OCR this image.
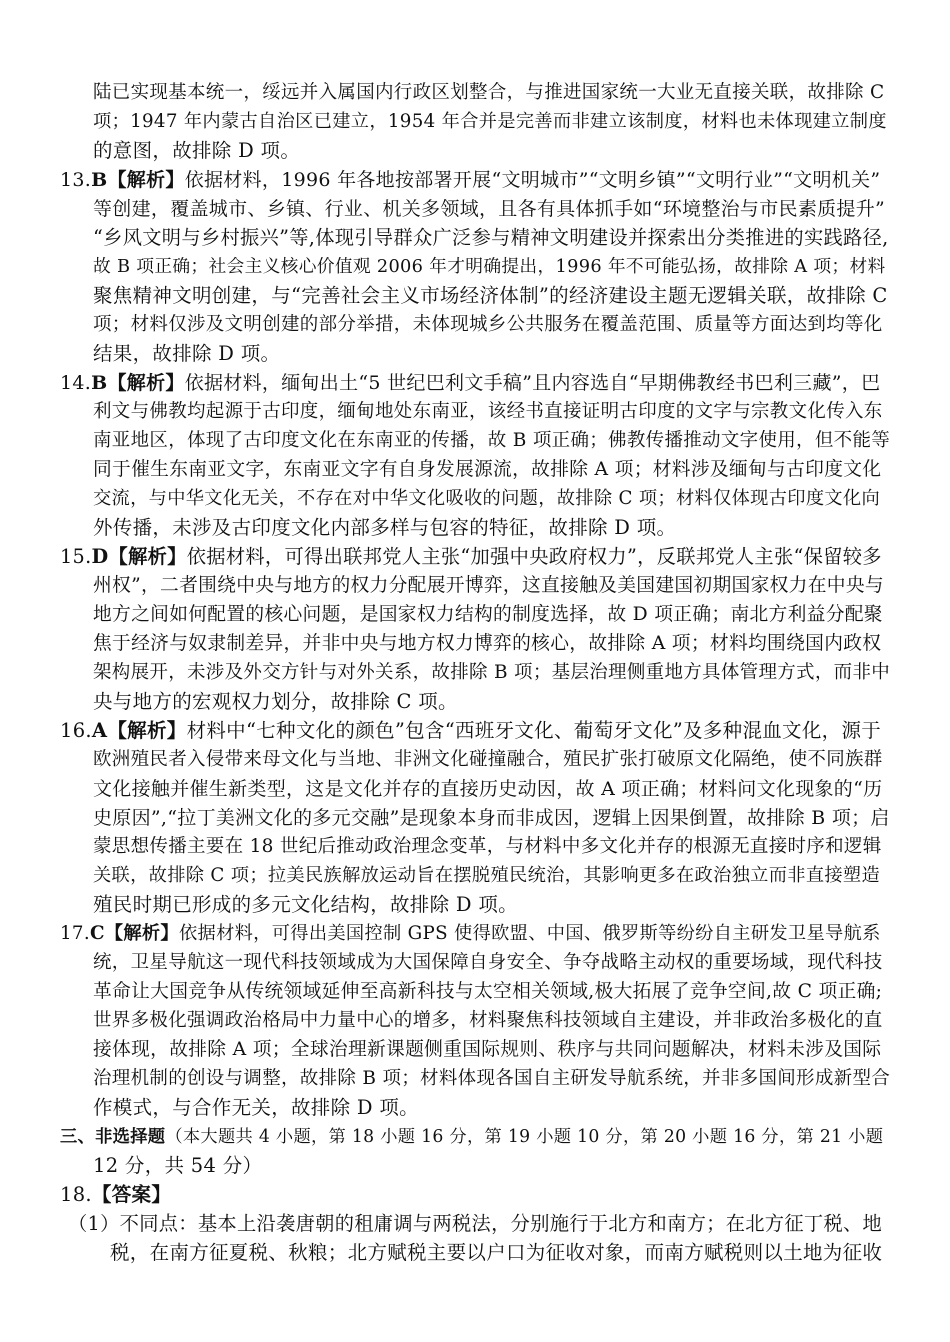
陆已实现基本统一，绥远并入属国内行政区划整合，与推进国家统一大业无直接关联，故排除 C
项；1947 年内蒙古自治区已建立，1954 年合并是完善而非建立该制度，材料也未体现建立制度
的意图，故排除 D 项。
13.B【解析】依据材料，1996 年各地按部署开展“文明城市”“文明乡镇”“文明行业”“文明机关”
等创建，覆盖城市、乡镇、行业、机关多领域，且各有具体抓手如“环境整治与市民素质提升”
“乡风文明与乡村振兴”等,体现引导群众广泛参与精神文明建设并探索出分类推进的实践路径,
故 B 项正确；社会主义核心价值观 2006 年才明确提出，1996 年不可能弘扬，故排除 A 项；材料
聚焦精神文明创建，与“完善社会主义市场经济体制”的经济建设主题无逻辑关联，故排除 C
项；材料仅涉及文明创建的部分举措，未体现城乡公共服务在覆盖范围、质量等方面达到均等化
结果，故排除 D 项。
14.B【解析】依据材料，缅甸出土“5 世纪巴利文手稿”且内容选自“早期佛教经书巴利三藏”，巴
利文与佛教均起源于古印度，缅甸地处东南亚，该经书直接证明古印度的文字与宗教文化传入东
南亚地区，体现了古印度文化在东南亚的传播，故 B 项正确；佛教传播推动文字使用，但不能等
同于催生东南亚文字，东南亚文字有自身发展源流，故排除 A 项；材料涉及缅甸与古印度文化
交流，与中华文化无关，不存在对中华文化吸收的问题，故排除 C 项；材料仅体现古印度文化向
外传播，未涉及古印度文化内部多样与包容的特征，故排除 D 项。
15.D【解析】依据材料，可得出联邦党人主张“加强中央政府权力”，反联邦党人主张“保留较多
州权”，二者围绕中央与地方的权力分配展开博弈，这直接触及美国建国初期国家权力在中央与
地方之间如何配置的核心问题，是国家权力结构的制度选择，故 D 项正确；南北方利益分配聚
焦于经济与奴隶制差异，并非中央与地方权力博弈的核心，故排除 A 项；材料均围绕国内政权
架构展开，未涉及外交方针与对外关系，故排除 B 项；基层治理侧重地方具体管理方式，而非中
央与地方的宏观权力划分，故排除 C 项。
16.A【解析】材料中“七种文化的颜色”包含“西班牙文化、葡萄牙文化”及多种混血文化，源于
欧洲殖民者入侵带来母文化与当地、非洲文化碰撞融合，殖民扩张打破原文化隔绝，使不同族群
文化接触并催生新类型，这是文化并存的直接历史动因，故 A 项正确；材料问文化现象的“历
史原因”,“拉丁美洲文化的多元交融”是现象本身而非成因，逻辑上因果倒置，故排除 B 项；启
蒙思想传播主要在 18 世纪后推动政治理念变革，与材料中多文化并存的根源无直接时序和逻辑
关联，故排除 C 项；拉美民族解放运动旨在摆脱殖民统治，其影响更多在政治独立而非直接塑造
殖民时期已形成的多元文化结构，故排除 D 项。
17.C【解析】依据材料，可得出美国控制 GPS 使得欧盟、中国、俄罗斯等纷纷自主研发卫星导航系
统，卫星导航这一现代科技领域成为大国保障自身安全、争夺战略主动权的重要场域，现代科技
革命让大国竞争从传统领域延伸至高新科技与太空相关领域,极大拓展了竞争空间,故 C 项正确;
世界多极化强调政治格局中力量中心的增多，材料聚焦科技领域自主建设，并非政治多极化的直
接体现，故排除 A 项；全球治理新课题侧重国际规则、秩序与共同问题解决，材料未涉及国际
治理机制的创设与调整，故排除 B 项；材料体现各国自主研发导航系统，并非多国间形成新型合
作模式，与合作无关，故排除 D 项。
三、非选择题（本大题共 4 小题，第 18 小题 16 分，第 19 小题 10 分，第 20 小题 16 分，第 21 小题
12 分，共 54 分）
18.【答案】
（1）不同点：基本上沿袭唐朝的租庸调与两税法，分别施行于北方和南方；在北方征丁税、地
税，在南方征夏税、秋粮；北方赋税主要以户口为征收对象，而南方赋税则以土地为征收
